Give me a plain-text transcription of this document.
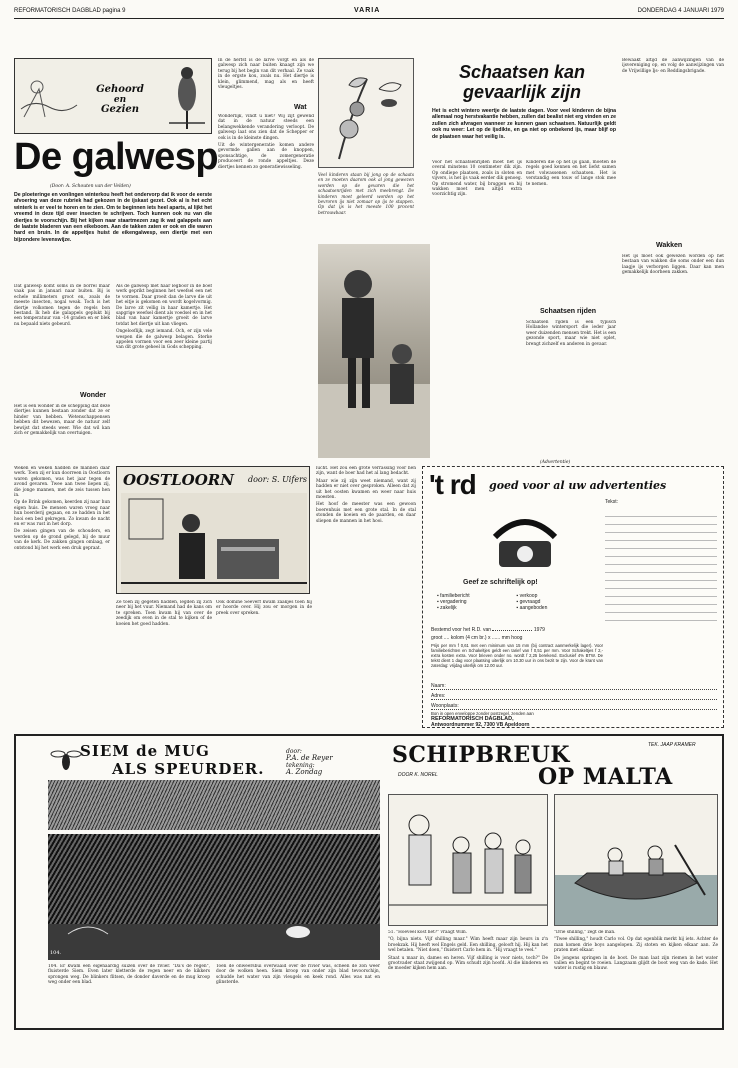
REFORMATORISCH DAGBLAD pagina 9	VARIA	DONDERDAG 4 JANUARI 1979
Gehoord
en
Gezien
De galwesp
(Door: A. Schouten van der Velden)

De ploeteringe en vonlingen winterkou heeft het ondervorp dat ik voor de eerste afvoering van deze rubriek had gekozen in de ijskast gezet. Ook al is het echt winterk is er veel te horen en te zien. Om te beginnen iets heel aparts, al lijkt het vreemd in deze tijd over insecten te schrijven. Toch kunnen ook nu van die diertjes te voorschijn. Bij het kijken naar staartmezen zag ik wat galappels aan de laatste bladeren van een eikeboom. Aan de takken zaten er ook en die waren hard en bruin. In de appeltjes huist de eikengalwesp, een diertje met een bijzondere levenswijze.

Dat galwesp komt soms in de borrel maar vaak pas in januari naar buiten. Bij is echele millimeters groot en, zoals de meeste insecten, nogal weak. Toch is het diertje volkomen tegen de regels bon bestand. Ik heb die galappels geplukt bij een temperatuur van -14 graden en er blek nu bepaald niets gebeurd.

Wonder

Het is een wonder in de schepping dat deze diertjes kunnen bestaan zonder dat ze er hinder van hebben. Wetenschappensen hebben dit bewezen, maar de natuur zelf bewijst dat steeds weer. Wie dat wil kan zich er gemakkelijk van overtuigen.

Als de galwesp met haar legboor in de boef werk geprikt beginnen het weefsel een net te vormen. Daar groeit dan de larve die uit het eitje is gekomen en wordt kogelvormig. De larve zit vellig in haar kamertje. Het sapgrige weefsel dient als voedsel en in het blad van haar kamertje groeit de larve totdat het diertje uit kan vliegen.

Ongelooflijk, zegt iemand. Och, er zijn vele wespen die de galwesp belagen. Sterke appelen vormen voor een zeer kleine partij van dit grote geheel in Gods schepping.

In de herfst is de larve vorgt en als de galwesp zich naar buiten knaagt zijn we terug bij het begin van dit verhaal. Ze vaak in de ergste kou, zoals nu. Het diertje is klein, glimmend, mag als en heeft vleugeltjes.

Wat

Wonderlijk, vindt u niet? Wij zijt gewend dat in de natuur steeds een belangwekkende verandering verloopt. De galwesp laat ons zien dat de Schepper er ook is in de kleinste dingen.

Uit de wintergeneratie komen andere gevormde gallen aan de knoppen, sponsachtige, de zomergeneratie produceert de ronde appeltjes. Deze diertjes kennen zo generatiewisseling.

Veel kinderen staan bij jong op de schaats en ze moeten daarom ook al jong gewezen worden op de gevaren die het schaatsenrijden met zich meebrengt. De kinderen moet geleerd worden op het bevroren ijs niet zomaar op ijs te stappen. Op dat ijs is het meeste 100 procent betrouwbaar.

Schaatsen kan
gevaarlijk zijn

Het is echt wintero weertje de laatste dagen. Voor veel kinderen de bijna allemaal nog herstvakantie hebben, zullen dat bealist niet erg vinden en ze zullen zich afvragen wanneer ze kunnen gaan schaatsen. Natuurlijk geldt ook nu weer: Let op de ijsdikte, en ga niet op onbekend ijs, maar blijf op de plaatsen waar het veilig is.

Voor het schaatsenrijden moet het ijs overal minstens 10 centimeter dik zijn. Op ondiepe plaatsen, zoals in sloten en vijvers, is het ijs vaak eerder dik genoeg. Op stromend water, bij bruggen en bij wakken moet men altijd extra voorzichtig zijn.

Kinderen die op het ijs gaan, moeten de regels goed kennen en het liefst samen met volwassenen schaatsen. Het is verstandig een touw of lange stok mee te nemen.

Schaatsen rijden

Schaatsen rijden is een typisch Hollandse wintersport die ieder jaar weer duizenden mensen trekt. Het is een gezonde sport, maar wie niet oplet, brengt zichzelf en anderen in gevaar.

Bewaakt altijd de aanwijzingen van de ijsvereniging op, en volg de aanwijzingen van de Vrijwillige Ijs- en Reddingsbrigade.

Wakken

Het ijs moet ook gewezen worden op het bestaan van wakken die soms onder een dun laagje ijs verborgen liggen. Daar kan men gemakkelijk doorheen zakken.

(Advertentie)

Weken en weken hadden de mannen daar werk. Toen zij er kun doorreen in Oostloorn waren gekomen, was het jaar tegen de avond gevaren. Twee aan twee liepen zij, die jonge mannen, met de zeis tussen hen in.

Op de Brink gekomen, keerden zij naar hun eigen huis. De mensen waren vroeg naar hun boerderij gegaan, en ze hadden in het hooi een bed gekregen. Zo kwam de nacht en er was rust in het dorp.

De zeisen gingen van de schouders, en werden op de grond gelegd, bij de muur van de kerk. De zakken gingen omlaag, er ontstond bij het werk een druk gepraat.

OOSTLOORN	door: S. Uifers

Ze toen zij gegeten hadden, legden zij zich neer bij het vuur. Niemand had de kans om te spreken. Toen kwam hij van over de zeedijk om even in de stal te kijken of de koeien het goed hadden.

Ook domine Seeverf kwam zaakjes toen hij er hoorde over. Hij zou er morgen in de preek over spreken.

lucht. Het zou een grote verrassing voor hen zijn, want de boer had het al lang bedacht.

Maar wie zij zijn weet niemand, want zij hadden er niet over gesproken. Alleen dat zij uit het oosten kwamen en weer naar huis moesten.

Het hoof de meester was een gewoon boerenhuis met een grote stal. In de stal stonden de koeien en de paarden, en daar sliepen de mannen in het hooi.

't rd goed voor al uw advertenties
Tekst:
Geef ze schriftelijk op!
▪ familiebericht	▪ verkoop ▪ vergadering	▪ gevraagd ▪ zakelijk	▪ aangeboden
Bestemd voor het R.D. van	1979
groot .... kolom (4 cm br.) x ...... mm hoog

Prijs per mm f 0,61 met een minimum van 15 mm (bij contract aanmerkelijk lager). Voor familieberichten en Schakeltjes geldt een tarief van f 0,51 per mm. Voor Schakeltjes f 2,- extra kosten extra. Voor brieven onder no. wordt f 2,25 berekend. Exclusief 4% BTW. De tekst dient 1 dag voor plaatsing uiterlijk om 10.30 uur in ons bezit te zijn. Voor de krant van zaterdag: vrijdag uiterlijk om 12.00 uur.

Naam:
Adres:
Woonplaats:
Bon in open enveloppe zonder postzegel, zenden aan
REFORMATORISCH DAGBLAD,
Antwoordnummer 92, 7300 VB Apeldoorn
SIEM de MUG
ALS SPEURDER.
door:
P.A. de Reyer
tekening:
A. Zondag
104.

104. Er kwam een eigenaardig suizen over de rivier. "Da's de regen", fluisterde Siem. Even later kletterde de regen neer en de kikkers sprongen weg. De blinkers flitsen, de donder daverde en de mug kroop weg onder een blad.

Toen de onweersbui overwaaid over de rivier was, scheen de zon weer door de wolken heen. Siem kroop van onder zijn blad tevoorschijn, schudde het water van zijn vleugels en keek rond. Alles was nat en glinsterde.

SCHIPBREUK
OP MALTA
DOOR K. NOREL
TEK. JAAP KRAMER

51. "Hoeveel kost het?" vraagt Wim.

"O, bijna niets. Vijf shilling maar." Wim heeft maar zijn beurs in z'n broekzak. Hij heeft wel Engels geld. Een shilling, gelooft hij. Hij kan het wel betalen. "Niet doen," fluistert Carlo hem in. "Hij vraagt te veel."

Staat u maar in, dames en heren. Vijf shilling is voor niets, toch?" De grootvader staat zwijgend op. Wim schudt zijn hoofd. Al die kinderen en de moeder kijken hem aan.

"Drie shilling," zegt de man.

"Twee shilling," houdt Carlo vol. Op dat ogenblik merkt hij iets. Achter de man komen drie boys aangelopen. Zij stoten en kijken elkaar aan. Ze praten met elkaar.

De jongens springen in de boot. De man laat zijn riemen in het water vallen en begint te roeien. Langzaam glijdt de boot weg van de kade. Het water is rustig en blauw.
